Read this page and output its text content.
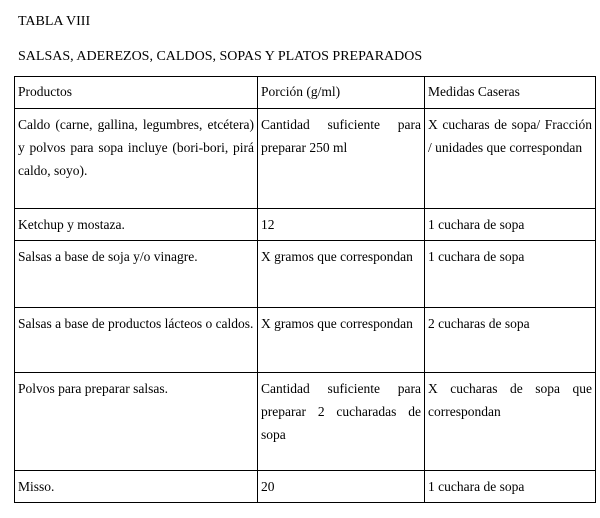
TABLA VIII
SALSAS, ADEREZOS, CALDOS, SOPAS Y PLATOS PREPARADOS
Productos	Porción (g/ml)	Medidas Caseras
Caldo (carne, gallina, legumbres, etcétera) y polvos para sopa incluye (bori-bori, pirá caldo, soyo).	Cantidad suficiente para preparar 250 ml	X cucharas de sopa/ Fracción / unidades que correspondan
Ketchup y mostaza.	12	1 cuchara de sopa
Salsas a base de soja y/o vinagre.	X gramos que correspondan	1 cuchara de sopa
Salsas a base de productos lácteos o caldos.	X gramos que correspondan	2 cucharas de sopa
Polvos para preparar salsas.	Cantidad suficiente para preparar 2 cucharadas de sopa	X cucharas de sopa que correspondan
Misso.	20	1 cuchara de sopa
